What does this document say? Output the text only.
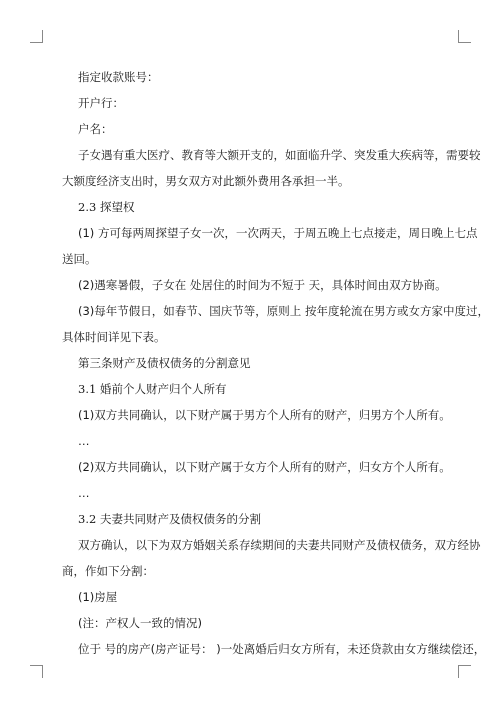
指定收款账号：

开户行：

户名：

子女遇有重大医疗、教育等大额开支的，如面临升学、突发重大疾病等，需要较

大额度经济支出时，男女双方对此额外费用各承担一半。

2.3 探望权

(1) 方可每两周探望子女一次，一次两天，于周五晚上七点接走，周日晚上七点

送回。

(2)遇寒暑假，子女在 处居住的时间为不短于 天，具体时间由双方协商。

(3)每年节假日，如春节、国庆节等，原则上 按年度轮流在男方或女方家中度过，

具体时间详见下表。

第三条财产及债权债务的分割意见

3.1 婚前个人财产归个人所有

(1)双方共同确认，以下财产属于男方个人所有的财产，归男方个人所有。

…

(2)双方共同确认，以下财产属于女方个人所有的财产，归女方个人所有。

…

3.2 夫妻共同财产及债权债务的分割

双方确认，以下为双方婚姻关系存续期间的夫妻共同财产及债权债务，双方经协

商，作如下分割：

(1)房屋

(注：产权人一致的情况)

位于 号的房产(房产证号： )一处离婚后归女方所有，未还贷款由女方继续偿还，
